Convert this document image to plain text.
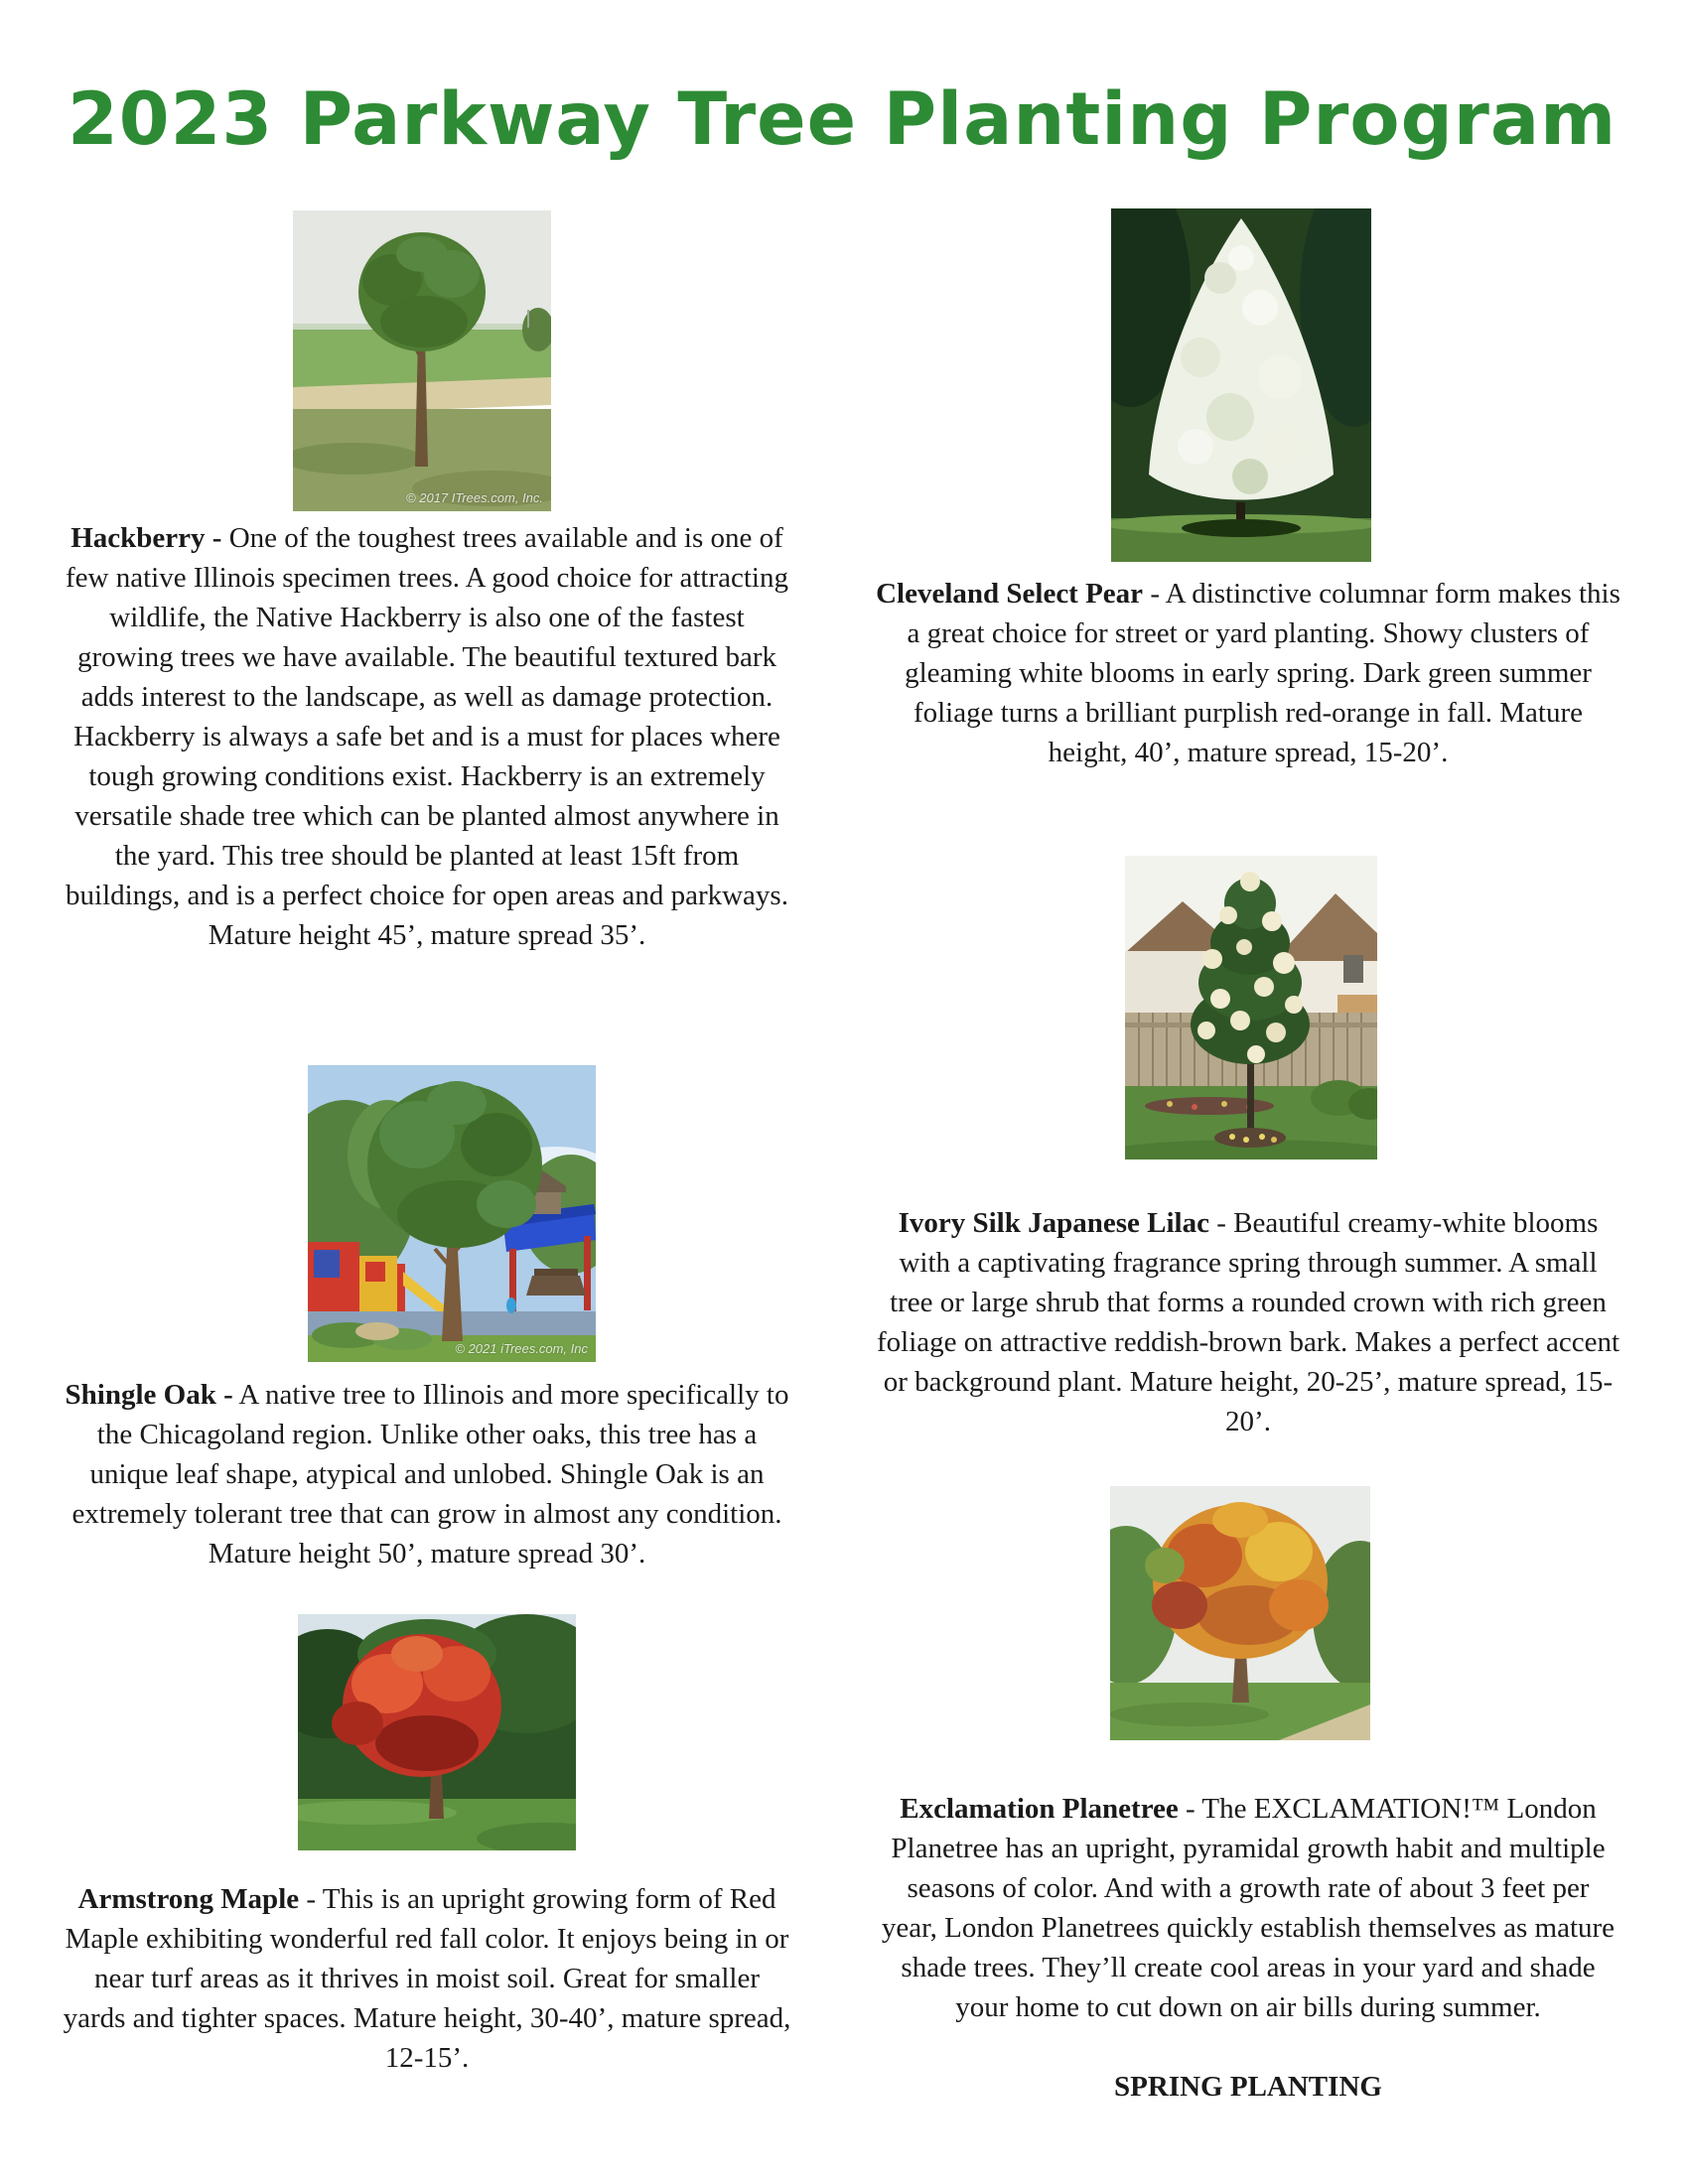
2023 Parkway Tree Planting Program
© 2017 ITrees.com, Inc.

Hackberry - One of the toughest trees available and is one of few native Illinois specimen trees. A good choice for attracting wildlife, the Native Hackberry is also one of the fastest growing trees we have available. The beautiful textured bark adds interest to the landscape, as well as damage protection. Hackberry is always a safe bet and is a must for places where tough growing conditions exist. Hackberry is an extremely versatile shade tree which can be planted almost anywhere in the yard. This tree should be planted at least 15ft from buildings, and is a perfect choice for open areas and parkways. Mature height 45’, mature spread 35’.

© 2021 iTrees.com, Inc

Shingle Oak - A native tree to Illinois and more specifically to the Chicagoland region. Unlike other oaks, this tree has a unique leaf shape, atypical and unlobed. Shingle Oak is an extremely tolerant tree that can grow in almost any condition. Mature height 50’, mature spread 30’.

Armstrong Maple - This is an upright growing form of Red Maple exhibiting wonderful red fall color. It enjoys being in or near turf areas as it thrives in moist soil. Great for smaller yards and tighter spaces. Mature height, 30-40’, mature spread, 12-15’.

Cleveland Select Pear - A distinctive columnar form makes this a great choice for street or yard planting. Showy clusters of gleaming white blooms in early spring. Dark green summer foliage turns a brilliant purplish red-orange in fall. Mature height, 40’, mature spread, 15-20’.

Ivory Silk Japanese Lilac - Beautiful creamy-white blooms with a captivating fragrance spring through summer. A small tree or large shrub that forms a rounded crown with rich green foliage on attractive reddish-brown bark. Makes a perfect accent or background plant. Mature height, 20-25’, mature spread, 15-20’.

Exclamation Planetree - The EXCLAMATION!™ London Planetree has an upright, pyramidal growth habit and multiple seasons of color. And with a growth rate of about 3 feet per year, London Planetrees quickly establish themselves as mature shade trees. They’ll create cool areas in your yard and shade your home to cut down on air bills during summer.

SPRING PLANTING
